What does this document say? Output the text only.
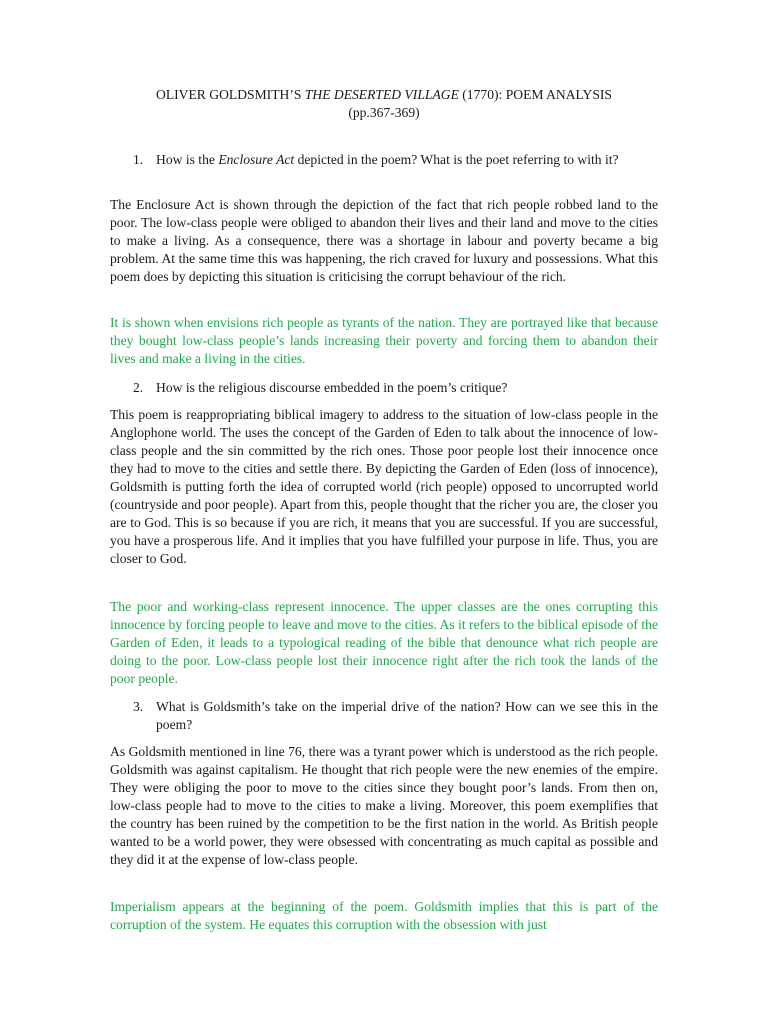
OLIVER GOLDSMITH’S THE DESERTED VILLAGE (1770): POEM ANALYSIS
(pp.367-369)
1. How is the Enclosure Act depicted in the poem? What is the poet referring to with it?
The Enclosure Act is shown through the depiction of the fact that rich people robbed land to the poor. The low-class people were obliged to abandon their lives and their land and move to the cities to make a living. As a consequence, there was a shortage in labour and poverty became a big problem. At the same time this was happening, the rich craved for luxury and possessions. What this poem does by depicting this situation is criticising the corrupt behaviour of the rich.
It is shown when envisions rich people as tyrants of the nation. They are portrayed like that because they bought low-class people’s lands increasing their poverty and forcing them to abandon their lives and make a living in the cities.
2. How is the religious discourse embedded in the poem’s critique?
This poem is reappropriating biblical imagery to address to the situation of low-class people in the Anglophone world. The uses the concept of the Garden of Eden to talk about the innocence of low-class people and the sin committed by the rich ones. Those poor people lost their innocence once they had to move to the cities and settle there. By depicting the Garden of Eden (loss of innocence), Goldsmith is putting forth the idea of corrupted world (rich people) opposed to uncorrupted world (countryside and poor people). Apart from this, people thought that the richer you are, the closer you are to God. This is so because if you are rich, it means that you are successful. If you are successful, you have a prosperous life. And it implies that you have fulfilled your purpose in life. Thus, you are closer to God.
The poor and working-class represent innocence. The upper classes are the ones corrupting this innocence by forcing people to leave and move to the cities. As it refers to the biblical episode of the Garden of Eden, it leads to a typological reading of the bible that denounce what rich people are doing to the poor. Low-class people lost their innocence right after the rich took the lands of the poor people.
3. What is Goldsmith’s take on the imperial drive of the nation? How can we see this in the poem?
As Goldsmith mentioned in line 76, there was a tyrant power which is understood as the rich people. Goldsmith was against capitalism. He thought that rich people were the new enemies of the empire. They were obliging the poor to move to the cities since they bought poor’s lands. From then on, low-class people had to move to the cities to make a living. Moreover, this poem exemplifies that the country has been ruined by the competition to be the first nation in the world. As British people wanted to be a world power, they were obsessed with concentrating as much capital as possible and they did it at the expense of low-class people.
Imperialism appears at the beginning of the poem. Goldsmith implies that this is part of the corruption of the system. He equates this corruption with the obsession with just
